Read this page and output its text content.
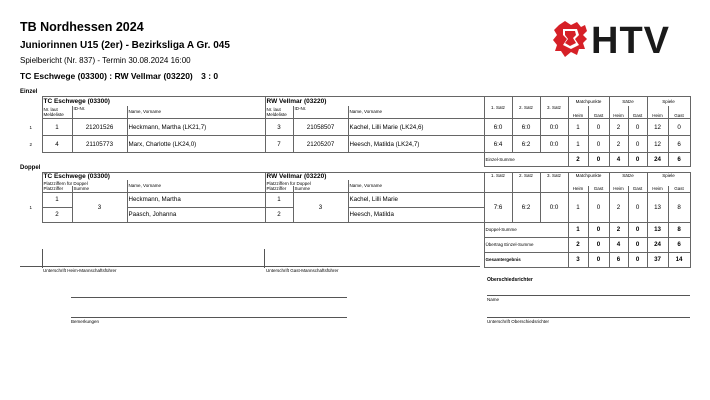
TB Nordhessen 2024
Juniorinnen U15 (2er) - Bezirksliga A Gr. 045
Spielbericht (Nr. 837) - Termin 30.08.2024 16:00
TC Eschwege (03300) : RW Vellmar (03220) 3 : 0
HTV
Einzel
	TC Eschwege (03300)			RW Vellmar (03220)			1. Satz	2. Satz	3. Satz	Matchpunkte		Sätze		Spiele	
	Nr. laut
Meldeliste	ID-Nr.	Name, Vorname	Nr. laut
Meldeliste	ID-Nr.	Name, Vorname				Heim	Gast	Heim	Gast	Heim	Gast
1	1	21201526	Heckmann, Martha (LK21,7)	3	21058507	Kachel, Lilli Marie (LK24,6)	6:0	6:0	0:0	1	0	2	0	12	0
2	4	21105773	Marx, Charlotte (LK24,0)	7	21205207	Heesch, Matilda (LK24,7)	6:4	6:2	0:0	1	0	2	0	12	6
							Einzel-Summe			2	0	4	0	24	6
Doppel
	TC Eschwege (03300)			RW Vellmar (03220)			1. Satz	2. Satz	3. Satz	Matchpunkte		Sätze		Spiele	
	Platzziffern für Doppel		Name, Vorname	Platzziffern für Doppel		Name, Vorname									
	Platzziffer	Summe		Platzziffer	Summe					Heim	Gast	Heim	Gast	Heim	Gast
1	1	3	Heckmann, Martha	1	3	Kachel, Lilli Marie	7:6	6:2	0:0	1	0	2	0	13	8
	2		Paasch, Johanna	2		Heesch, Matilda									
							Doppel-Summe			1	0	2	0	13	8
							Übertrag Einzel-Summe			2	0	4	0	24	6
							Gesamtergebnis			3	0	6	0	37	14
Unterschrift Heim-Mannschaftsführer	Unterschrift Gast-Mannschaftsführer
Oberschiedsrichter
Name
Unterschrift Oberschiedsrichter
Bemerkungen
